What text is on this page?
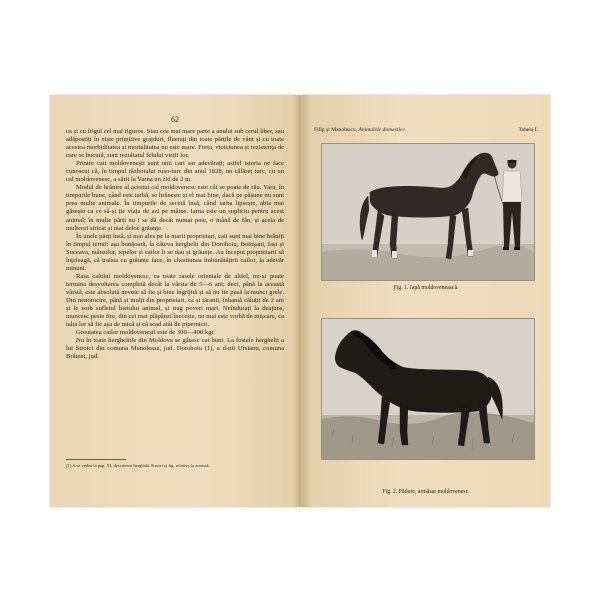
62

ca și cu frigul cel mai riguros. Stau cea mai mare parte a anului sub cerul liber, sau adăpostiți în niște primitive grajduri, fluerați din toate părțile de vânt și cu toate acestea morbiditatea și mortalitatea nu este mare. Forța, vioiciunea și rezistența de care se bucură, sunt rezultatul felului vieții lor.

Printre caii moldovenești sunt unii cari sar adevărați; astfel istoria ne face cunoscut că, în timpul războiului ruso-turc din anul 1828, un călăreț turc, cu un cal moldovenesc, a sărit la Varna un zid de 2 m.

Modul de hrănire al acestui cal moldovenesc este cât se poate de rău. Vara, în timpurile bune, când este iarbă, se hrănește și el mai bine, dacă pe pășune nu sunt prea multe animale. În timpurile de secetă însă, când iarba lipsește, abia mai găsește ca ce să-și ție viața de azi pe mâine. Iarna este un supliciu pentru acest animal; în multe părți nu i se dă decât numai paie, o mână de fân, și aceia de multeori stricat și mai deloc grăunțe.

În unele părți însă, și mai ales pe la marii proprietari, caii sunt mai bine hrăniți în timpul iernii: așa bunăoară, la câteva herghelii din Dorohoiu, Botoșani, Iași și Suceava, mânzilor, iepelor și cailor li se dau și grăunțe. Au început proprietarii să înțeleagă, că traista cu grăunțe face, în chestiunea îmbunătățirii cailor, la adevăr minuni.

Rasa calului moldovenesc, ca toate rasele orientale de altfel, nu-și poate termina desvoltarea completă decât la vârsta de 5—6 ani; deci, până la această vârstă, este absolută nevoie să fie și bine îngrijită și să nu fie pusă la munci grele. Din nenorocire, până și mulți din proprietari, ca și țăranii, înhamă căluții de 2 ani și le sorb sufletul bietului animal, și trag poveri mari. Neîndurați la deajuns, muncesc peste fire, din cei mai plăpânzi înecește, nu mai este vorbă de mișcare, ca talia lor să fie așa de mică și că scad atât de pipernicii.

Greutatea cailor moldovenești este de 300—400 kgr.

Nu în toate hergheliile din Moldova se găsesc cai buni. La fostele herghelii a lui Stroici din comuna Manoleasa, jud. Dorohoiu (1), a d-nii Ursianu, comuna Brăteni, jud.

(1) A se vedea la pag. 93, descrierea herghelii Stroici și fig. relative la această.
Filip și Manolescu, Animalele domestice.	Tabela I.
Fig. 1. Iapă moldovenească.
Fig. 2. Pădure, armăsar moldovenesc.
